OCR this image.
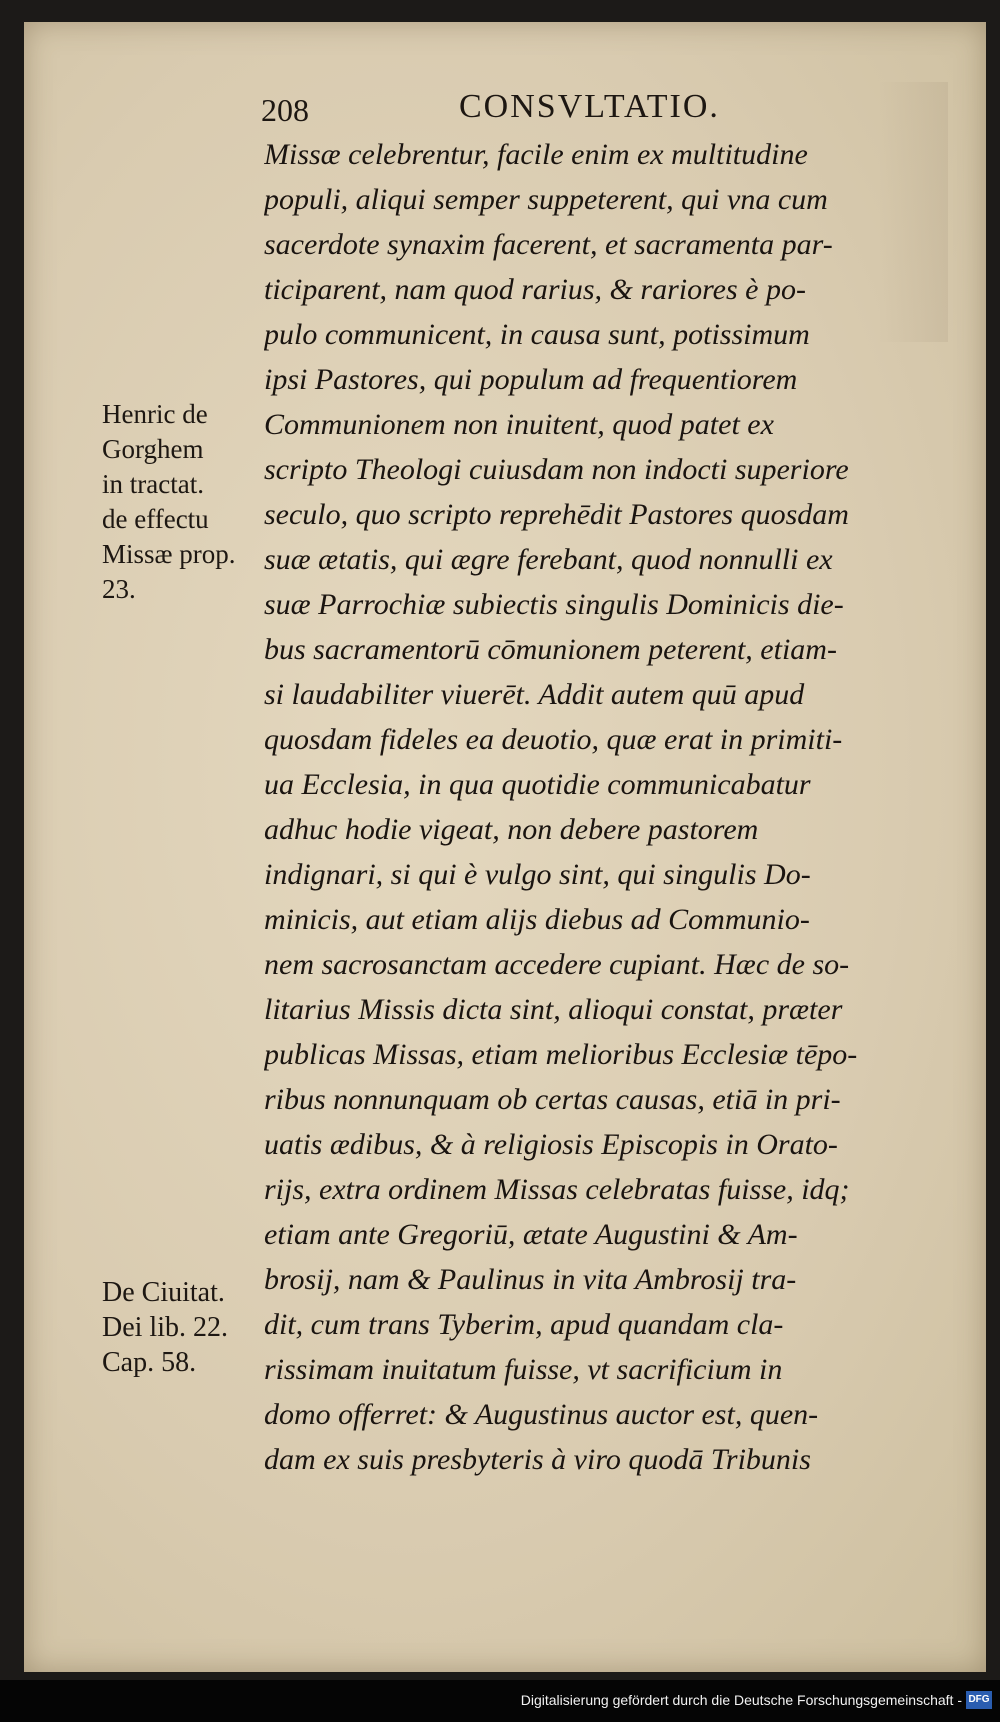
208	CONSVLTATIO.
Henric de
Gorghem
in tractat.
de effectu
Missæ prop.
23.
De Ciuitat.
Dei lib. 22.
Cap. 58.
Missæ celebrentur, facile enim ex multitudine
populi, aliqui semper suppeterent, qui vna cum
sacerdote synaxim facerent, et sacramenta par-
ticiparent, nam quod rarius, & rariores è po-
pulo communicent, in causa sunt, potissimum
ipsi Pastores, qui populum ad frequentiorem
Communionem non inuitent, quod patet ex
scripto Theologi cuiusdam non indocti superiore
seculo, quo scripto reprehēdit Pastores quosdam
suæ ætatis, qui ægre ferebant, quod nonnulli ex
suæ Parrochiæ subiectis singulis Dominicis die-
bus sacramentorū cōmunionem peterent, etiam-
si laudabiliter viuerēt. Addit autem quū apud
quosdam fideles ea deuotio, quæ erat in primiti-
ua Ecclesia, in qua quotidie communicabatur
adhuc hodie vigeat, non debere pastorem
indignari, si qui è vulgo sint, qui singulis Do-
minicis, aut etiam alijs diebus ad Communio-
nem sacrosanctam accedere cupiant. Hæc de so-
litarius Missis dicta sint, alioqui constat, præter
publicas Missas, etiam melioribus Ecclesiæ tēpo-
ribus nonnunquam ob certas causas, etiā in pri-
uatis ædibus, & à religiosis Episcopis in Orato-
rijs, extra ordinem Missas celebratas fuisse, idq;
etiam ante Gregoriū, ætate Augustini & Am-
brosij, nam & Paulinus in vita Ambrosij tra-
dit, cum trans Tyberim, apud quandam cla-
rissimam inuitatum fuisse, vt sacrificium in
domo offerret: & Augustinus auctor est, quen-
dam ex suis presbyteris à viro quodā Tribunis
Digitalisierung gefördert durch die Deutsche Forschungsgemeinschaft - DFG
